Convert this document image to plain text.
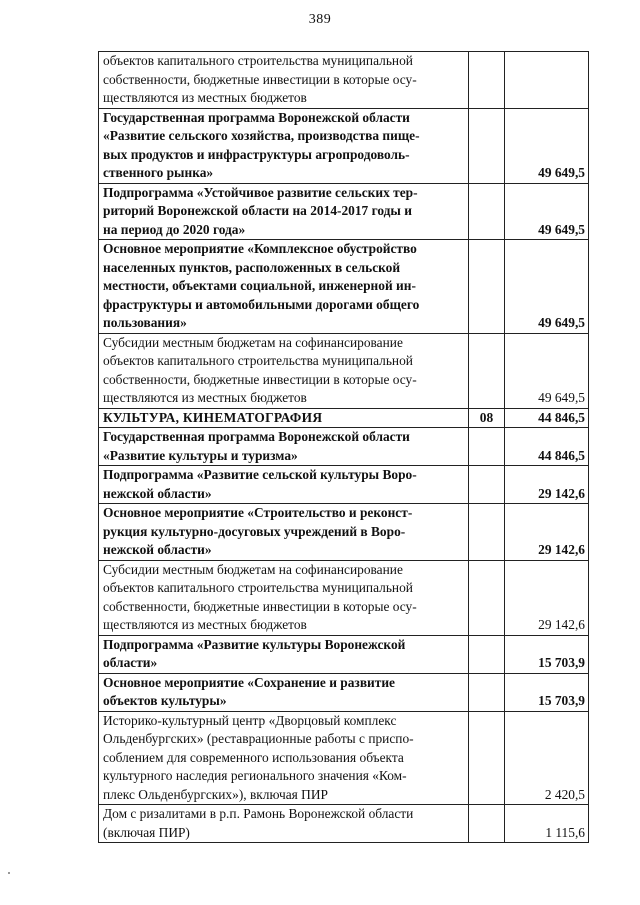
389
объектов капитального строительства муниципальной
собственности, бюджетные инвестиции в которые осу-
ществляются из местных бюджетов		
Государственная программа Воронежской области
«Развитие сельского хозяйства, производства пище-
вых продуктов и инфраструктуры агропродоволь-
ственного рынка»		49 649,5
Подпрограмма «Устойчивое развитие сельских тер-
риторий Воронежской области на 2014-2017 годы и
на период до 2020 года»		49 649,5
Основное мероприятие «Комплексное обустройство
населенных пунктов, расположенных в сельской
местности, объектами социальной, инженерной ин-
фраструктуры и автомобильными дорогами общего
пользования»		49 649,5
Субсидии местным бюджетам на софинансирование
объектов капитального строительства муниципальной
собственности, бюджетные инвестиции в которые осу-
ществляются из местных бюджетов		49 649,5
КУЛЬТУРА, КИНЕМАТОГРАФИЯ	08	44 846,5
Государственная программа Воронежской области
«Развитие культуры и туризма»		44 846,5
Подпрограмма «Развитие сельской культуры Воро-
нежской области»		29 142,6
Основное мероприятие «Строительство и реконст-
рукция культурно-досуговых учреждений в Воро-
нежской области»		29 142,6
Субсидии местным бюджетам на софинансирование
объектов капитального строительства муниципальной
собственности, бюджетные инвестиции в которые осу-
ществляются из местных бюджетов		29 142,6
Подпрограмма «Развитие культуры Воронежской
области»		15 703,9
Основное мероприятие «Сохранение и развитие
объектов культуры»		15 703,9
Историко-культурный центр «Дворцовый комплекс
Ольденбургских» (реставрационные работы с приспо-
соблением для современного использования объекта
культурного наследия регионального значения «Ком-
плекс Ольденбургских»), включая ПИР		2 420,5
Дом с ризалитами в р.п. Рамонь Воронежской области
(включая ПИР)		1 115,6
